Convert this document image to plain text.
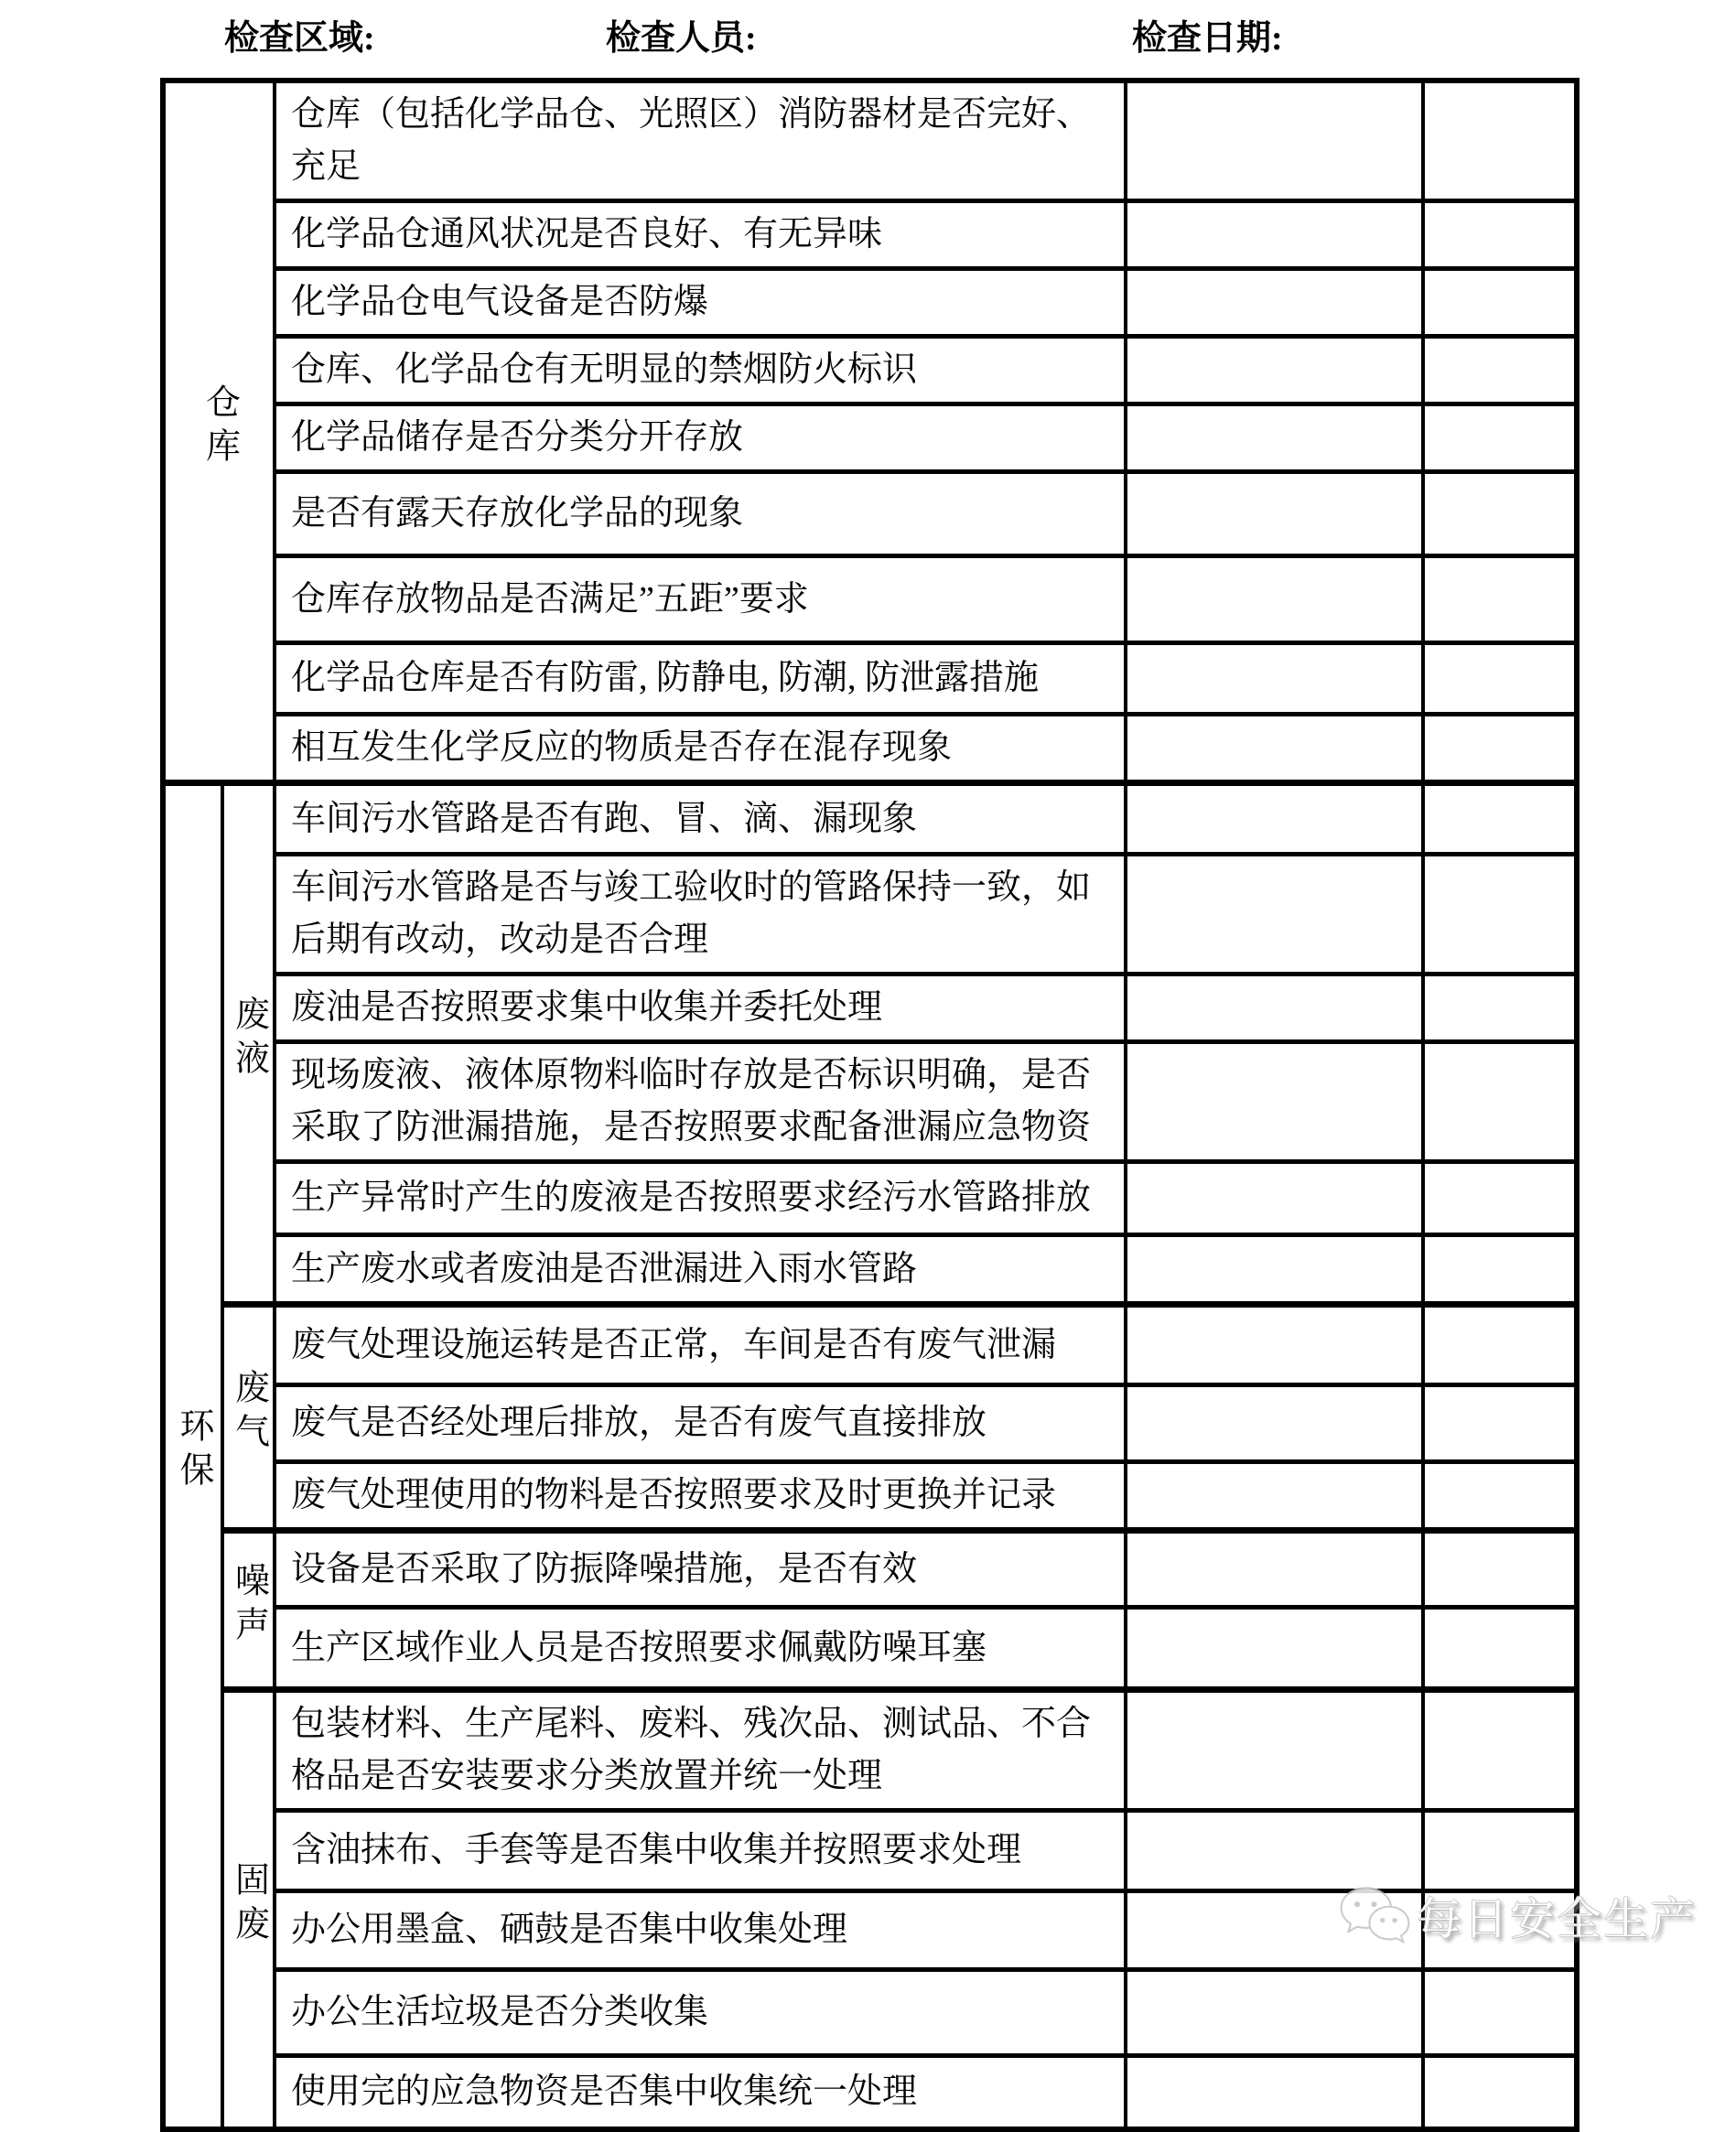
检查区域:	检查人员:	检查日期:
仓库		仓库（包括化学品仓、光照区）消防器材是否完好、充足		
		化学品仓通风状况是否良好、有无异味		
		化学品仓电气设备是否防爆		
		仓库、化学品仓有无明显的禁烟防火标识		
		化学品储存是否分类分开存放		
		是否有露天存放化学品的现象		
		仓库存放物品是否满足”五距”要求		
		化学品仓库是否有防雷, 防静电, 防潮, 防泄露措施		
		相互发生化学反应的物质是否存在混存现象		
环保	废液	车间污水管路是否有跑、冒、滴、漏现象		
		车间污水管路是否与竣工验收时的管路保持一致，如后期有改动，改动是否合理		
		废油是否按照要求集中收集并委托处理		
		现场废液、液体原物料临时存放是否标识明确，是否采取了防泄漏措施，是否按照要求配备泄漏应急物资		
		生产异常时产生的废液是否按照要求经污水管路排放		
		生产废水或者废油是否泄漏进入雨水管路		
	废气	废气处理设施运转是否正常，车间是否有废气泄漏		
		废气是否经处理后排放，是否有废气直接排放		
		废气处理使用的物料是否按照要求及时更换并记录		
	噪声	设备是否采取了防振降噪措施，是否有效		
		生产区域作业人员是否按照要求佩戴防噪耳塞		
	固废	包装材料、生产尾料、废料、残次品、测试品、不合格品是否安装要求分类放置并统一处理		
		含油抹布、手套等是否集中收集并按照要求处理		
		办公用墨盒、硒鼓是否集中收集处理		
		办公生活垃圾是否分类收集		
		使用完的应急物资是否集中收集统一处理		
每日安全生产
